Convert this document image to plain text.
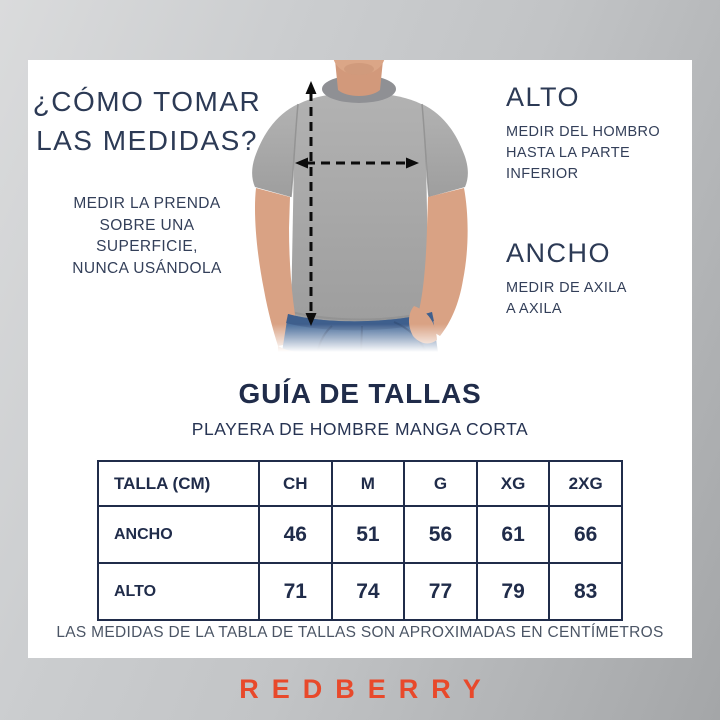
¿CÓMO TOMAR
LAS MEDIDAS?

MEDIR LA PRENDA
SOBRE UNA
SUPERFICIE,
NUNCA USÁNDOLA

ALTO

MEDIR DEL HOMBRO
HASTA LA PARTE
INFERIOR

ANCHO

MEDIR DE AXILA
A AXILA

GUÍA DE TALLAS

PLAYERA DE HOMBRE MANGA CORTA

TALLA (CM)	CH	M	G	XG	2XG
ANCHO	46	51	56	61	66
ALTO	71	74	77	79	83

LAS MEDIDAS DE LA TABLA DE TALLAS SON APROXIMADAS EN CENTÍMETROS

REDBERRY
